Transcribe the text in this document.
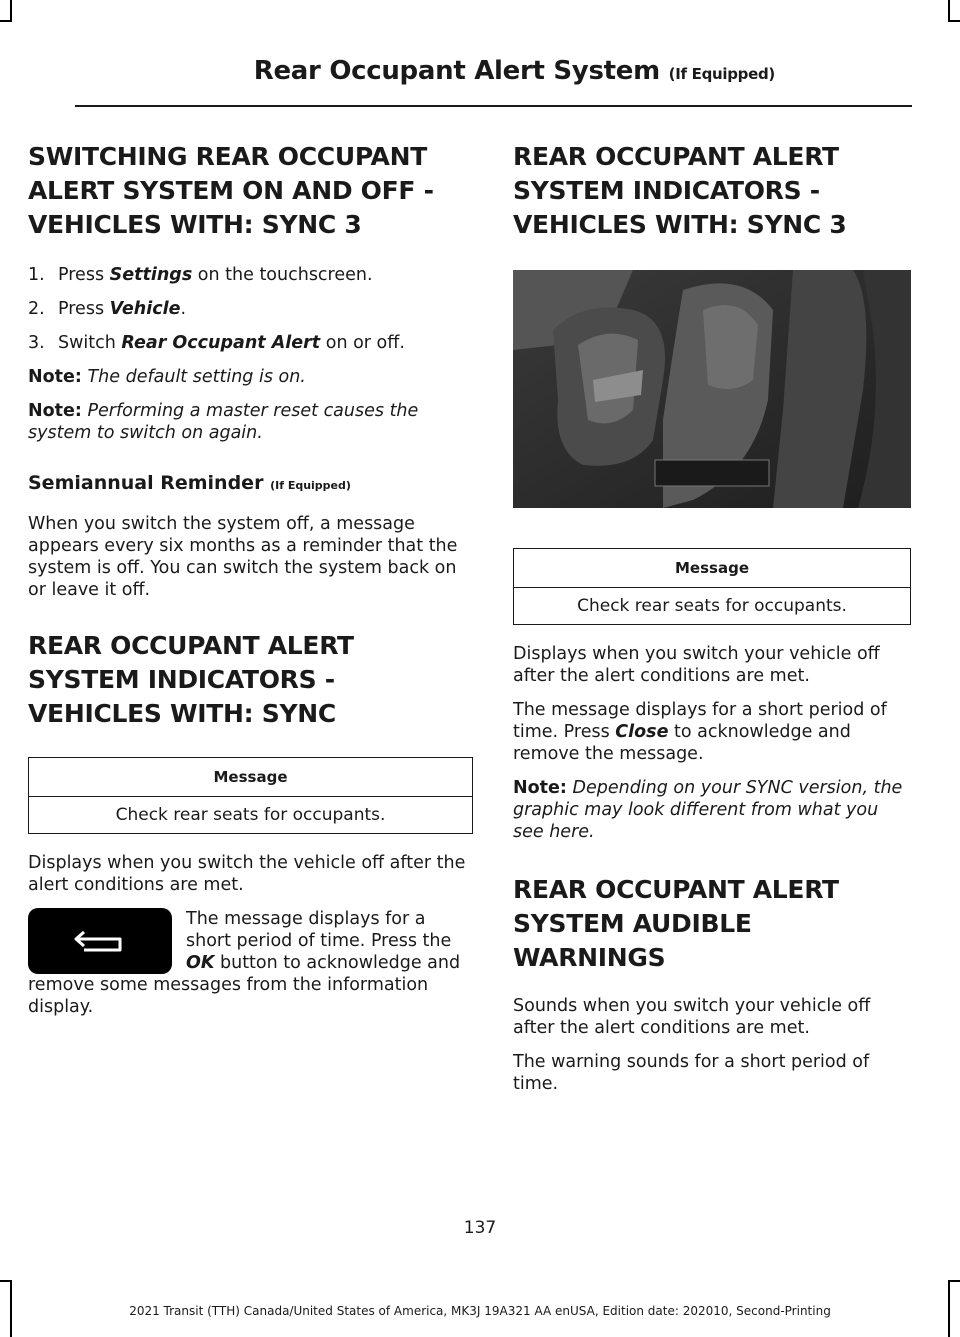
Rear Occupant Alert System (If Equipped)
SWITCHING REAR OCCUPANT ALERT SYSTEM ON AND OFF - VEHICLES WITH: SYNC 3
1. Press Settings on the touchscreen.
2. Press Vehicle.
3. Switch Rear Occupant Alert on or off.

Note: The default setting is on.

Note: Performing a master reset causes the system to switch on again.

Semiannual Reminder (If Equipped)

When you switch the system off, a message appears every six months as a reminder that the system is off. You can switch the system back on or leave it off.

REAR OCCUPANT ALERT SYSTEM INDICATORS - VEHICLES WITH: SYNC
Message
Check rear seats for occupants.

Displays when you switch the vehicle off after the alert conditions are met.

The message displays for a short period of time. Press the OK button to acknowledge and remove some messages from the information display.

REAR OCCUPANT ALERT SYSTEM INDICATORS - VEHICLES WITH: SYNC 3
Message
Check rear seats for occupants.

Displays when you switch your vehicle off after the alert conditions are met.

The message displays for a short period of time. Press Close to acknowledge and remove the message.

Note: Depending on your SYNC version, the graphic may look different from what you see here.

REAR OCCUPANT ALERT SYSTEM AUDIBLE WARNINGS

Sounds when you switch your vehicle off after the alert conditions are met.

The warning sounds for a short period of time.

137
2021 Transit (TTH) Canada/United States of America, MK3J 19A321 AA enUSA, Edition date: 202010, Second-Printing
